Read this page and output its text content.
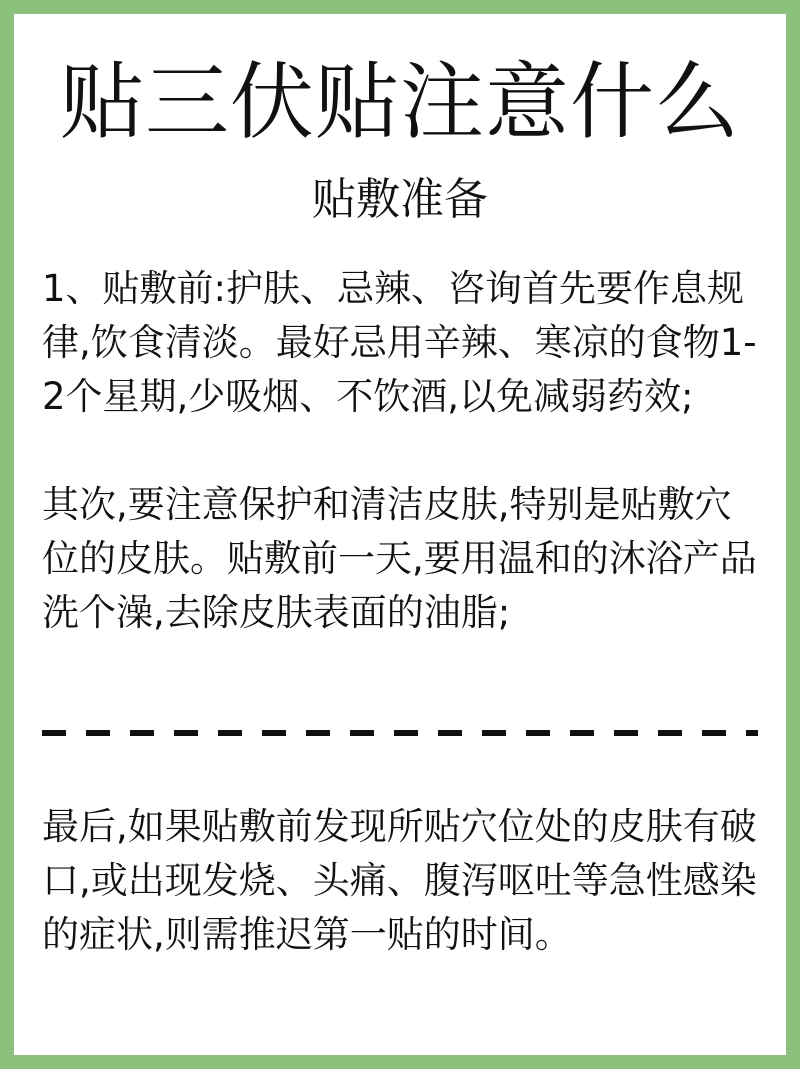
贴三伏贴注意什么
贴敷准备

1、贴敷前:护肤、忌辣、咨询首先要作息规律,饮食清淡。最好忌用辛辣、寒凉的食物1-2个星期,少吸烟、不饮酒,以免减弱药效;

其次,要注意保护和清洁皮肤,特别是贴敷穴位的皮肤。贴敷前一天,要用温和的沐浴产品洗个澡,去除皮肤表面的油脂;

最后,如果贴敷前发现所贴穴位处的皮肤有破口,或出现发烧、头痛、腹泻呕吐等急性感染的症状,则需推迟第一贴的时间。
